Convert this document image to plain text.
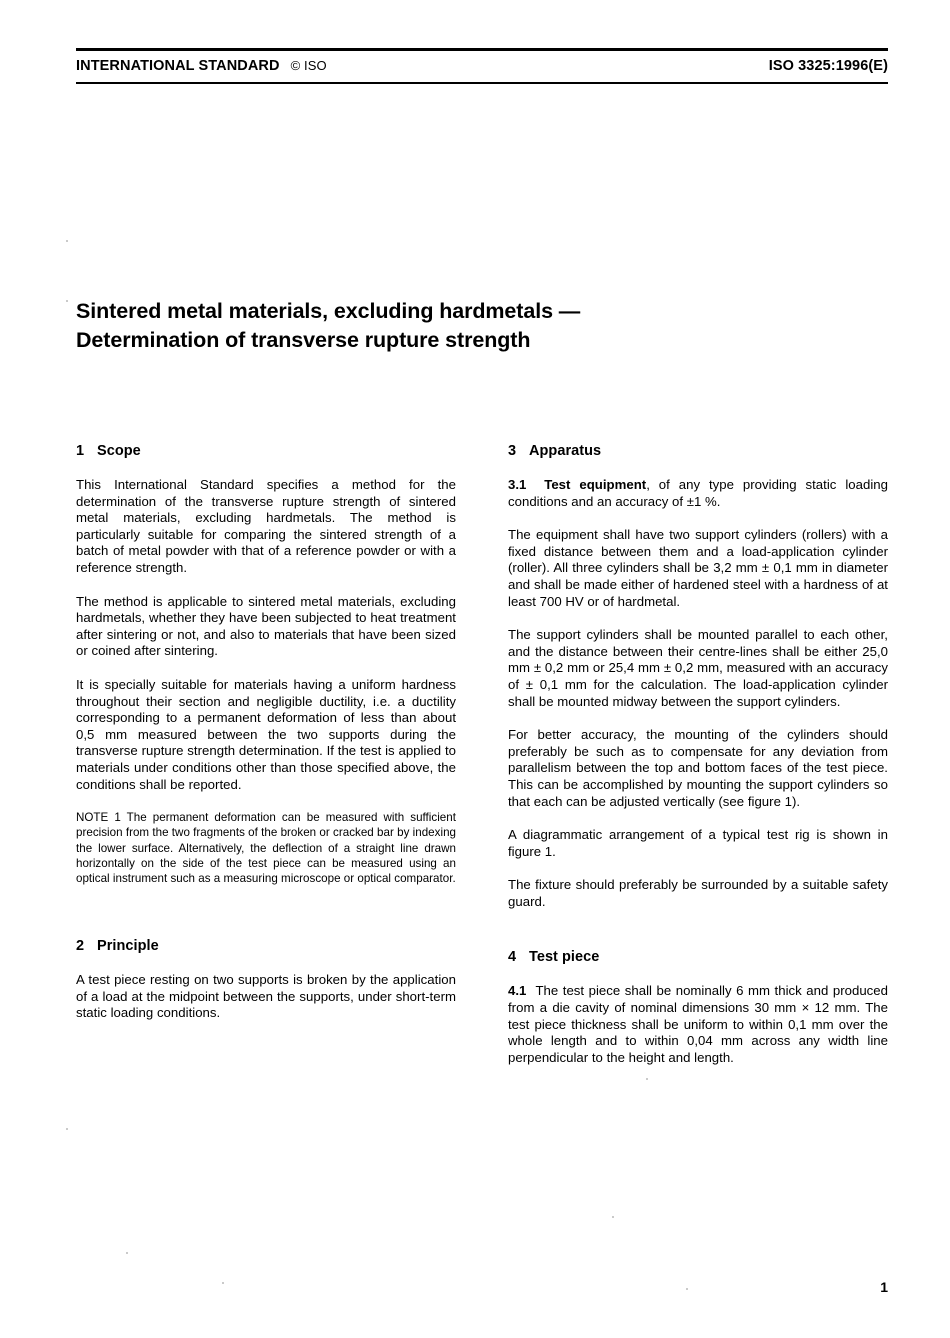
INTERNATIONAL STANDARD © ISO	ISO 3325:1996(E)
Sintered metal materials, excluding hardmetals —
Determination of transverse rupture strength
1 Scope

This International Standard specifies a method for the determination of the transverse rupture strength of sintered metal materials, excluding hardmetals. The method is particularly suitable for comparing the sintered strength of a batch of metal powder with that of a reference powder or with a reference strength.

The method is applicable to sintered metal materials, excluding hardmetals, whether they have been subjected to heat treatment after sintering or not, and also to materials that have been sized or coined after sintering.

It is specially suitable for materials having a uniform hardness throughout their section and negligible ductility, i.e. a ductility corresponding to a permanent deformation of less than about 0,5 mm measured between the two supports during the transverse rupture strength determination. If the test is applied to materials under conditions other than those specified above, the conditions shall be reported.

NOTE 1 The permanent deformation can be measured with sufficient precision from the two fragments of the broken or cracked bar by indexing the lower surface. Alternatively, the deflection of a straight line drawn horizontally on the side of the test piece can be measured using an optical instrument such as a measuring microscope or optical comparator.

2 Principle

A test piece resting on two supports is broken by the application of a load at the midpoint between the supports, under short-term static loading conditions.

3 Apparatus

3.1 Test equipment, of any type providing static loading conditions and an accuracy of ±1 %.

The equipment shall have two support cylinders (rollers) with a fixed distance between them and a load-application cylinder (roller). All three cylinders shall be 3,2 mm ± 0,1 mm in diameter and shall be made either of hardened steel with a hardness of at least 700 HV or of hardmetal.

The support cylinders shall be mounted parallel to each other, and the distance between their centre-lines shall be either 25,0 mm ± 0,2 mm or 25,4 mm ± 0,2 mm, measured with an accuracy of ± 0,1 mm for the calculation. The load-application cylinder shall be mounted midway between the support cylinders.

For better accuracy, the mounting of the cylinders should preferably be such as to compensate for any deviation from parallelism between the top and bottom faces of the test piece. This can be accomplished by mounting the support cylinders so that each can be adjusted vertically (see figure 1).

A diagrammatic arrangement of a typical test rig is shown in figure 1.

The fixture should preferably be surrounded by a suitable safety guard.

4 Test piece

4.1 The test piece shall be nominally 6 mm thick and produced from a die cavity of nominal dimensions 30 mm × 12 mm. The test piece thickness shall be uniform to within 0,1 mm over the whole length and to within 0,04 mm across any width line perpendicular to the height and length.

1
